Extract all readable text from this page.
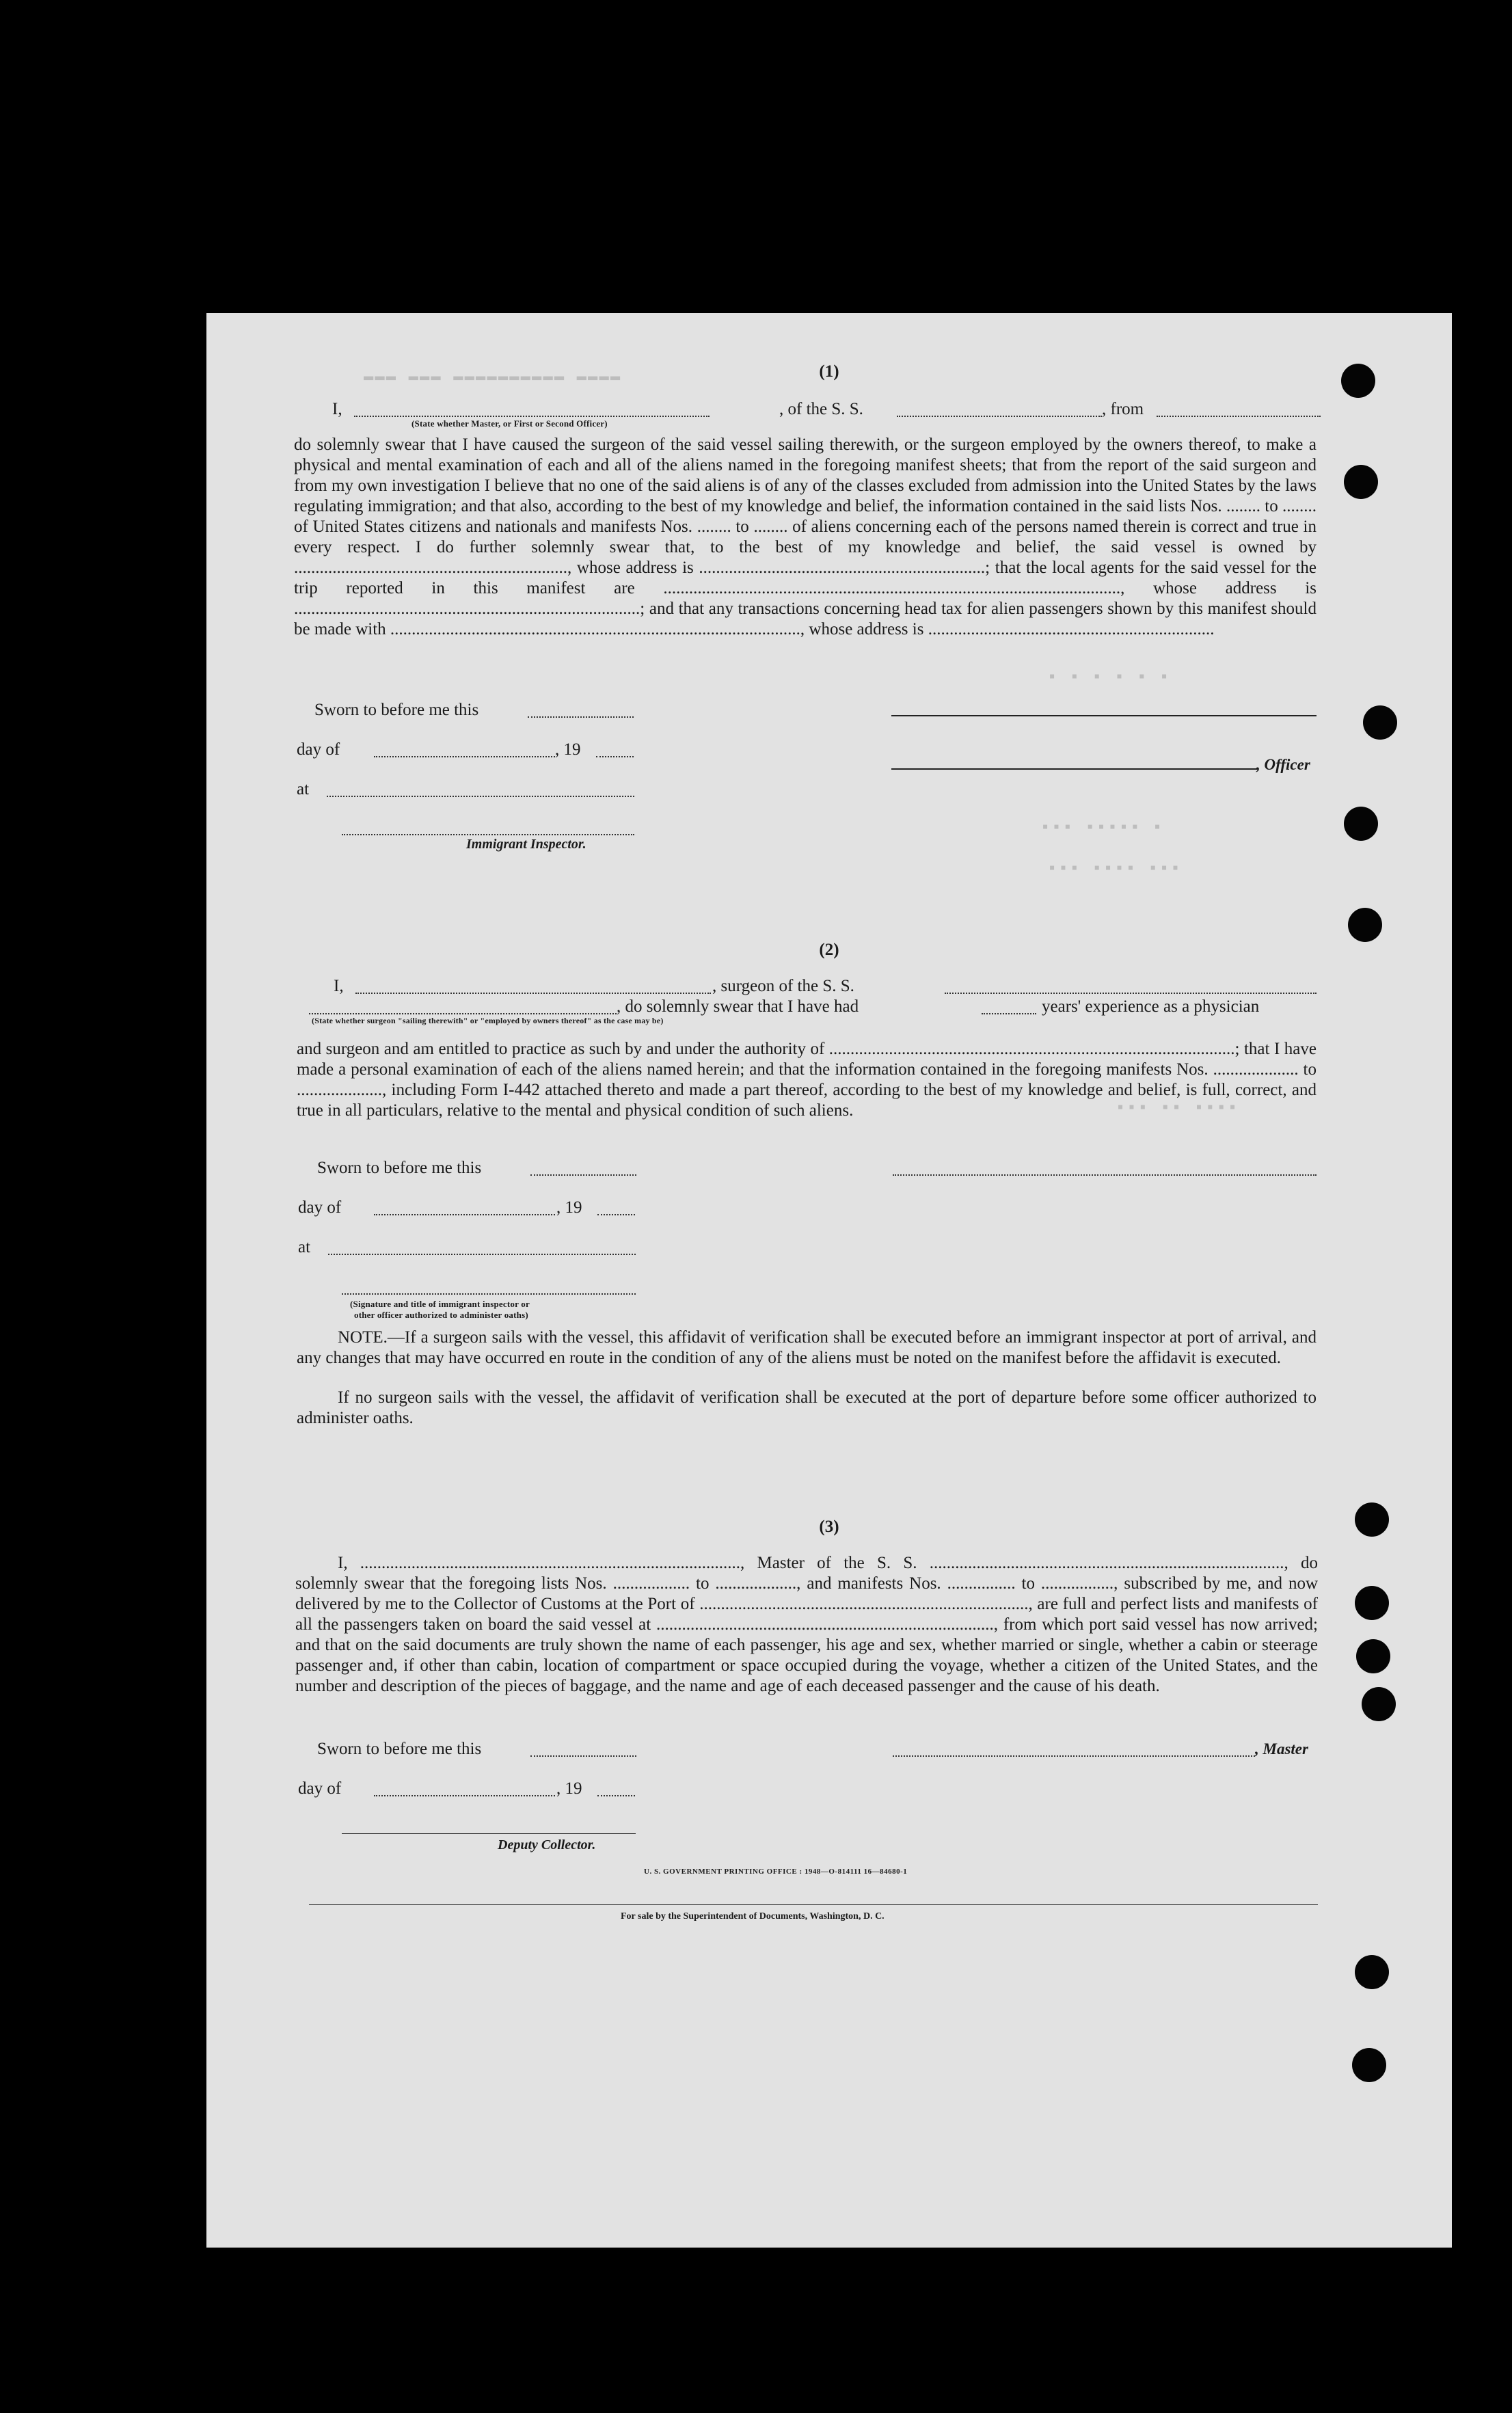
▬▬▬ ▬▬▬ ▬▬▬▬▬▬▬▬▬▬ ▬▬▬▬
▪ ▪ ▪ ▪ ▪ ▪
▪▪▪ ▪▪▪▪▪ ▪
▪▪▪ ▪▪▪▪ ▪▪▪
▪▪▪ ▪▪ ▪▪▪▪
(1)
I,	, of the S. S.	, from
(State whether Master, or First or Second Officer)
do solemnly swear that I have caused the surgeon of the said vessel sailing therewith, or the surgeon employed by the owners thereof, to make a physical and mental examination of each and all of the aliens named in the foregoing manifest sheets; that from the report of the said surgeon and from my own investigation I believe that no one of the said aliens is of any of the classes excluded from admission into the United States by the laws regulating immigration; and that also, according to the best of my knowledge and belief, the information contained in the said lists Nos. ........ to ........ of United States citizens and nationals and manifests Nos. ........ to ........ of aliens concerning each of the persons named therein is correct and true in every respect. I do further solemnly swear that, to the best of my knowledge and belief, the said vessel is owned by ................................................................, whose address is ...................................................................; that the local agents for the said vessel for the trip reported in this manifest are ..........................................................................................................., whose address is .................................................................................; and that any transactions concerning head tax for alien passengers shown by this manifest should be made with ................................................................................................, whose address is ...................................................................
Sworn to before me this
day of	, 19
, Officer
at
Immigrant Inspector.
(2)
I,	, surgeon of the S. S.
, do solemnly swear that I have had	years' experience as a physician
(State whether surgeon "sailing therewith" or "employed by owners thereof" as the case may be)
and surgeon and am entitled to practice as such by and under the authority of ...............................................................................................; that I have made a personal examination of each of the aliens named herein; and that the information contained in the foregoing manifests Nos. .................... to ...................., including Form I-442 attached thereto and made a part thereof, according to the best of my knowledge and belief, is full, correct, and true in all particulars, relative to the mental and physical condition of such aliens.
Sworn to before me this
day of	, 19
at
(Signature and title of immigrant inspector or
other officer authorized to administer oaths)
NOTE.—If a surgeon sails with the vessel, this affidavit of verification shall be executed before an immigrant inspector at port of arrival, and any changes that may have occurred en route in the condition of any of the aliens must be noted on the manifest before the affidavit is executed.
If no surgeon sails with the vessel, the affidavit of verification shall be executed at the port of departure before some officer authorized to administer oaths.
(3)
I, ........................................................................................., Master of the S. S. ..................................................................................., do solemnly swear that the foregoing lists Nos. .................. to ..................., and manifests Nos. ................ to ................., subscribed by me, and now delivered by me to the Collector of Customs at the Port of ............................................................................., are full and perfect lists and manifests of all the passengers taken on board the said vessel at ..............................................................................., from which port said vessel has now arrived; and that on the said documents are truly shown the name of each passenger, his age and sex, whether married or single, whether a cabin or steerage passenger and, if other than cabin, location of compartment or space occupied during the voyage, whether a citizen of the United States, and the number and description of the pieces of baggage, and the name and age of each deceased passenger and the cause of his death.
Sworn to before me this	, Master
day of	, 19
Deputy Collector.
U. S. GOVERNMENT PRINTING OFFICE : 1948—O-814111 16—84680-1
For sale by the Superintendent of Documents, Washington, D. C.
